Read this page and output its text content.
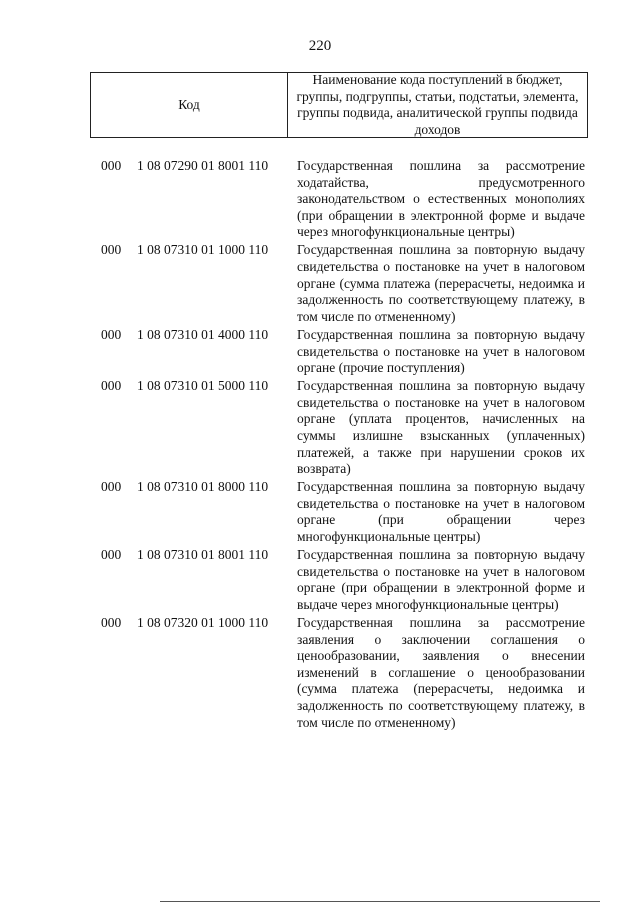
220
Код
Наименование кода поступлений в бюджет, группы, подгруппы, статьи, подстатьи, элемента, группы подвида, аналитической группы подвида доходов
000	1 08 07290 01 8001 110	Государственная пошлина за рассмотрение ходатайства, предусмотренного законодательством о естественных монополиях (при обращении в электронной форме и выдаче через многофункциональные центры)
000	1 08 07310 01 1000 110	Государственная пошлина за повторную выдачу свидетельства о постановке на учет в налоговом органе (сумма платежа (перерасчеты, недоимка и задолженность по соответствующему платежу, в том числе по отмененному)
000	1 08 07310 01 4000 110	Государственная пошлина за повторную выдачу свидетельства о постановке на учет в налоговом органе (прочие поступления)
000	1 08 07310 01 5000 110	Государственная пошлина за повторную выдачу свидетельства о постановке на учет в налоговом органе (уплата процентов, начисленных на суммы излишне взысканных (уплаченных) платежей, а также при нарушении сроков их возврата)
000	1 08 07310 01 8000 110	Государственная пошлина за повторную выдачу свидетельства о постановке на учет в налоговом органе (при обращении через многофункциональные центры)
000	1 08 07310 01 8001 110	Государственная пошлина за повторную выдачу свидетельства о постановке на учет в налоговом органе (при обращении в электронной форме и выдаче через многофункциональные центры)
000	1 08 07320 01 1000 110	Государственная пошлина за рассмотрение заявления о заключении соглашения о ценообразовании, заявления о внесении изменений в соглашение о ценообразовании (сумма платежа (перерасчеты, недоимка и задолженность по соответствующему платежу, в том числе по отмененному)
